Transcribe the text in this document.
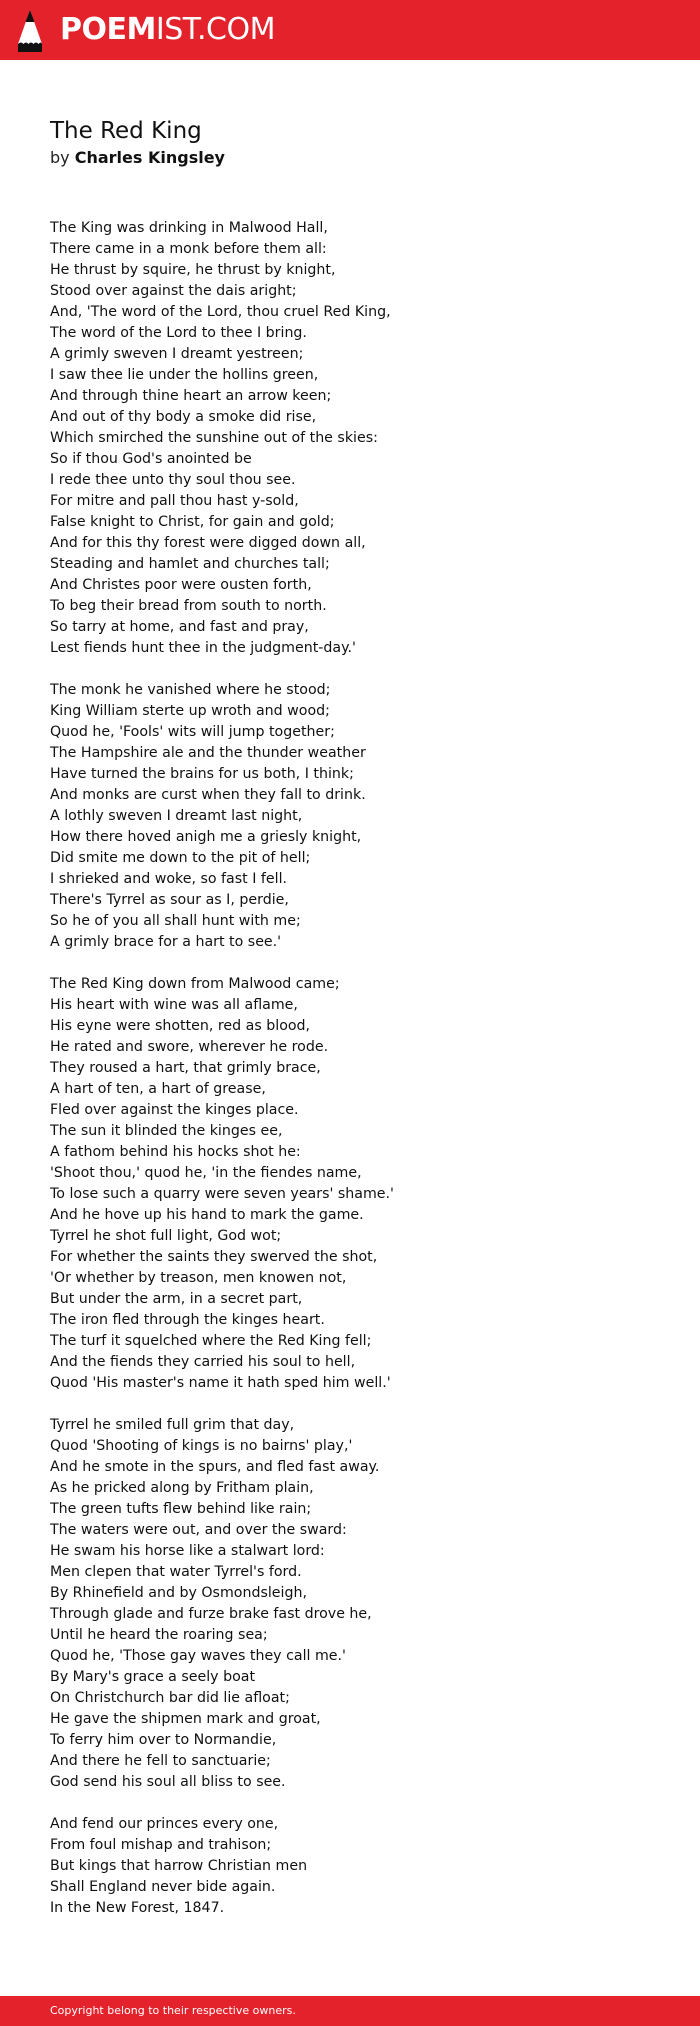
POEMIST.COM
The Red King
by Charles Kingsley
The King was drinking in Malwood Hall,
There came in a monk before them all:
He thrust by squire, he thrust by knight,
Stood over against the dais aright;
And, 'The word of the Lord, thou cruel Red King,
The word of the Lord to thee I bring.
A grimly sweven I dreamt yestreen;
I saw thee lie under the hollins green,
And through thine heart an arrow keen;
And out of thy body a smoke did rise,
Which smirched the sunshine out of the skies:
So if thou God's anointed be
I rede thee unto thy soul thou see.
For mitre and pall thou hast y-sold,
False knight to Christ, for gain and gold;
And for this thy forest were digged down all,
Steading and hamlet and churches tall;
And Christes poor were ousten forth,
To beg their bread from south to north.
So tarry at home, and fast and pray,
Lest fiends hunt thee in the judgment-day.'
The monk he vanished where he stood;
King William sterte up wroth and wood;
Quod he, 'Fools' wits will jump together;
The Hampshire ale and the thunder weather
Have turned the brains for us both, I think;
And monks are curst when they fall to drink.
A lothly sweven I dreamt last night,
How there hoved anigh me a griesly knight,
Did smite me down to the pit of hell;
I shrieked and woke, so fast I fell.
There's Tyrrel as sour as I, perdie,
So he of you all shall hunt with me;
A grimly brace for a hart to see.'
The Red King down from Malwood came;
His heart with wine was all aflame,
His eyne were shotten, red as blood,
He rated and swore, wherever he rode.
They roused a hart, that grimly brace,
A hart of ten, a hart of grease,
Fled over against the kinges place.
The sun it blinded the kinges ee,
A fathom behind his hocks shot he:
'Shoot thou,' quod he, 'in the fiendes name,
To lose such a quarry were seven years' shame.'
And he hove up his hand to mark the game.
Tyrrel he shot full light, God wot;
For whether the saints they swerved the shot,
'Or whether by treason, men knowen not,
But under the arm, in a secret part,
The iron fled through the kinges heart.
The turf it squelched where the Red King fell;
And the fiends they carried his soul to hell,
Quod 'His master's name it hath sped him well.'
Tyrrel he smiled full grim that day,
Quod 'Shooting of kings is no bairns' play,'
And he smote in the spurs, and fled fast away.
As he pricked along by Fritham plain,
The green tufts flew behind like rain;
The waters were out, and over the sward:
He swam his horse like a stalwart lord:
Men clepen that water Tyrrel's ford.
By Rhinefield and by Osmondsleigh,
Through glade and furze brake fast drove he,
Until he heard the roaring sea;
Quod he, 'Those gay waves they call me.'
By Mary's grace a seely boat
On Christchurch bar did lie afloat;
He gave the shipmen mark and groat,
To ferry him over to Normandie,
And there he fell to sanctuarie;
God send his soul all bliss to see.
And fend our princes every one,
From foul mishap and trahison;
But kings that harrow Christian men
Shall England never bide again.
In the New Forest, 1847.
Copyright belong to their respective owners.
